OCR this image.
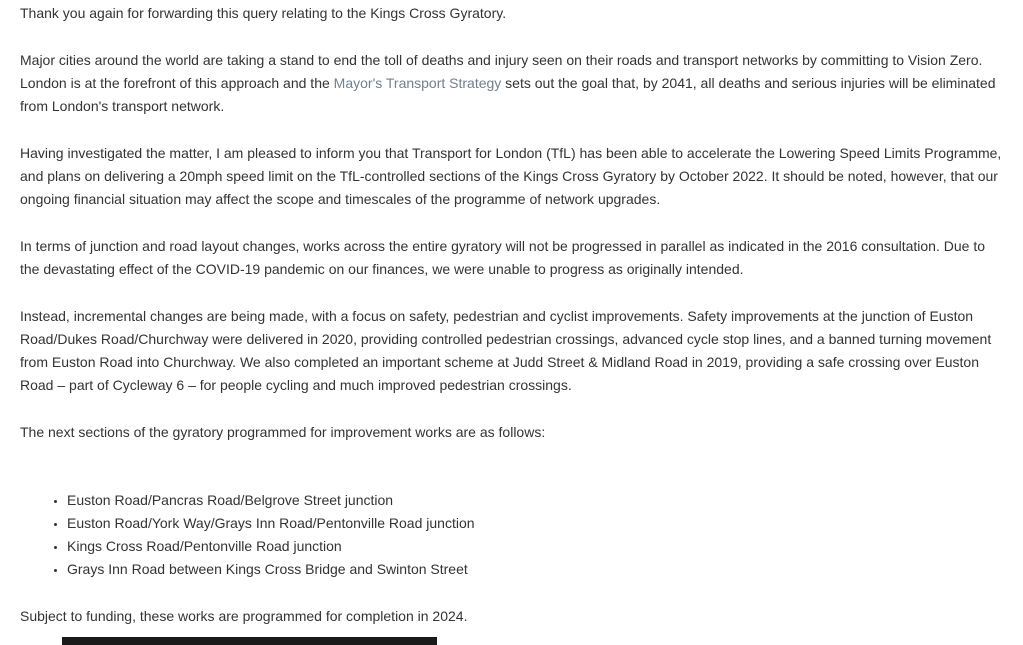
Thank you again for forwarding this query relating to the Kings Cross Gyratory.

Major cities around the world are taking a stand to end the toll of deaths and injury seen on their roads and transport networks by committing to Vision Zero. London is at the forefront of this approach and the Mayor's Transport Strategy sets out the goal that, by 2041, all deaths and serious injuries will be eliminated from London's transport network.

Having investigated the matter, I am pleased to inform you that Transport for London (TfL) has been able to accelerate the Lowering Speed Limits Programme, and plans on delivering a 20mph speed limit on the TfL-controlled sections of the Kings Cross Gyratory by October 2022. It should be noted, however, that our ongoing financial situation may affect the scope and timescales of the programme of network upgrades.

In terms of junction and road layout changes, works across the entire gyratory will not be progressed in parallel as indicated in the 2016 consultation. Due to the devastating effect of the COVID-19 pandemic on our finances, we were unable to progress as originally intended.

Instead, incremental changes are being made, with a focus on safety, pedestrian and cyclist improvements. Safety improvements at the junction of Euston Road/Dukes Road/Churchway were delivered in 2020, providing controlled pedestrian crossings, advanced cycle stop lines, and a banned turning movement from Euston Road into Churchway. We also completed an important scheme at Judd Street & Midland Road in 2019, providing a safe crossing over Euston Road – part of Cycleway 6 – for people cycling and much improved pedestrian crossings.

The next sections of the gyratory programmed for improvement works are as follows:

• Euston Road/Pancras Road/Belgrove Street junction
• Euston Road/York Way/Grays Inn Road/Pentonville Road junction
• Kings Cross Road/Pentonville Road junction
• Grays Inn Road between Kings Cross Bridge and Swinton Street

Subject to funding, these works are programmed for completion in 2024.
